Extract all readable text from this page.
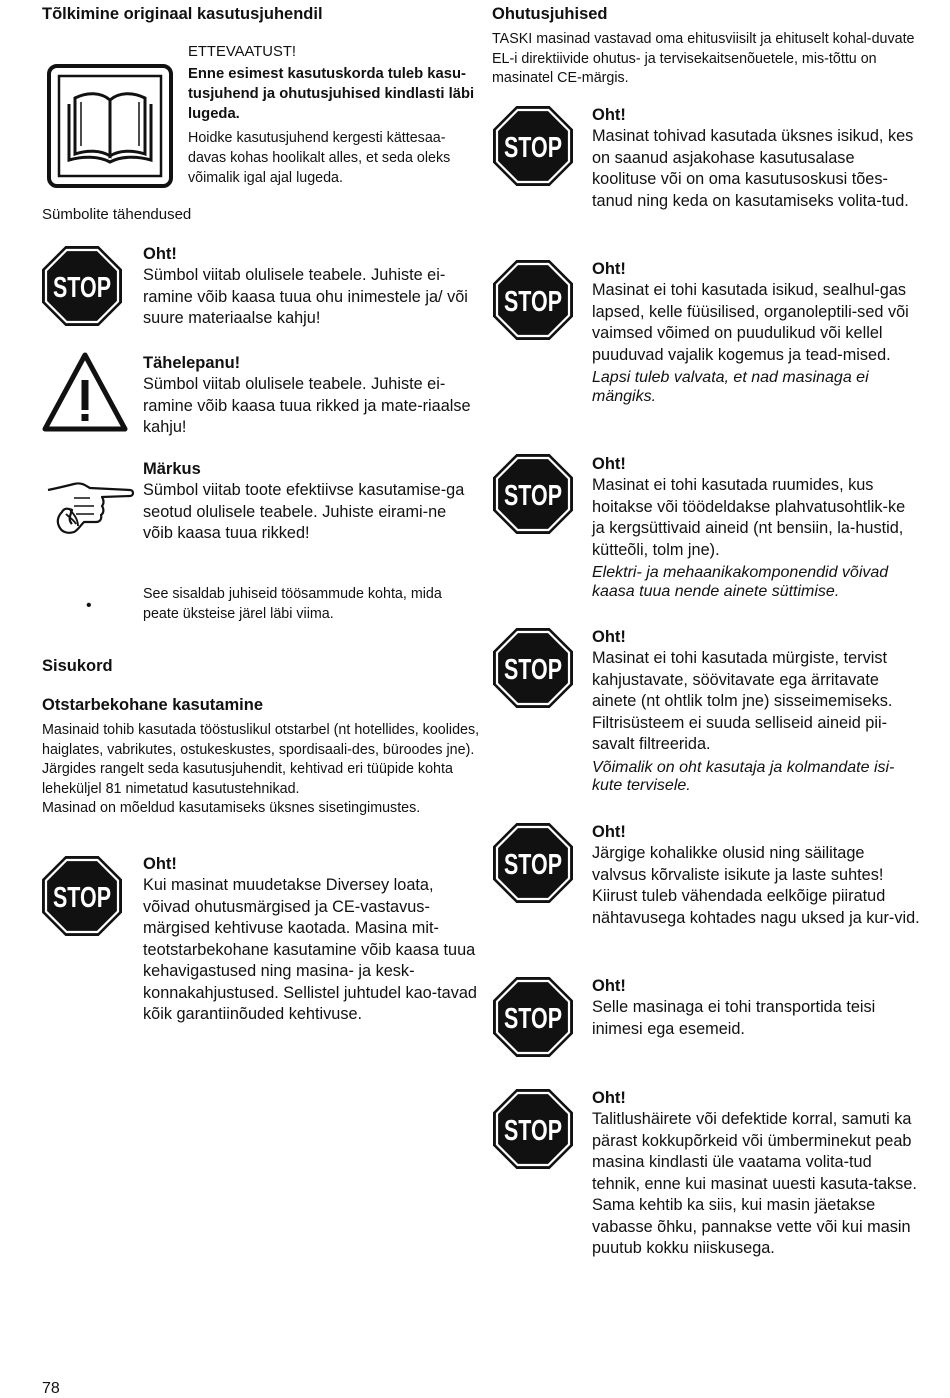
Tõlkimine originaal kasutusjuhendil
ETTEVAATUST!
Enne esimest kasutuskorda tuleb kasu-tusjuhend ja ohutusjuhised kindlasti läbi lugeda.
Hoidke kasutusjuhend kergesti kättesaa-davas kohas hoolikalt alles, et seda oleks võimalik igal ajal lugeda.
Sümbolite tähendused
STOP
Oht!
Sümbol viitab olulisele teabele. Juhiste ei-ramine võib kaasa tuua ohu inimestele ja/ või suure materiaalse kahju!
Tähelepanu!
Sümbol viitab olulisele teabele. Juhiste ei-ramine võib kaasa tuua rikked ja mate-riaalse kahju!
Märkus
Sümbol viitab toote efektiivse kasutamise-ga seotud olulisele teabele. Juhiste eirami-ne võib kaasa tuua rikked!
•
See sisaldab juhiseid töösammude kohta, mida peate üksteise järel läbi viima.
Sisukord
Otstarbekohane kasutamine
Masinaid tohib kasutada tööstuslikul otstarbel (nt hotellides, koolides, haiglates, vabrikutes, ostukeskustes, spordisaali-des, büroodes jne).
Järgides rangelt seda kasutusjuhendit, kehtivad eri tüüpide kohta leheküljel 81 nimetatud kasutustehnikad.
Masinad on mõeldud kasutamiseks üksnes sisetingimustes.
STOP
Oht!
Kui masinat muudetakse Diversey loata, võivad ohutusmärgised ja CE-vastavus-märgised kehtivuse kaotada. Masina mit-teotstarbekohane kasutamine võib kaasa tuua kehavigastused ning masina- ja kesk-konnakahjustused. Sellistel juhtudel kao-tavad kõik garantiinõuded kehtivuse.
Ohutusjuhised
TASKI masinad vastavad oma ehitusviisilt ja ehituselt kohal-duvate EL-i direktiivide ohutus- ja tervisekaitsenõuetele, mis-tõttu on masinatel CE-märgis.
STOP
Oht!
Masinat tohivad kasutada üksnes isikud, kes on saanud asjakohase kasutusalase koolituse või on oma kasutusoskusi tões-tanud ning keda on kasutamiseks volita-tud.
STOP
Oht!
Masinat ei tohi kasutada isikud, sealhul-gas lapsed, kelle füüsilised, organoleptili-sed või vaimsed võimed on puudulikud või kellel puuduvad vajalik kogemus ja tead-mised.
Lapsi tuleb valvata, et nad masinaga ei mängiks.
STOP
Oht!
Masinat ei tohi kasutada ruumides, kus hoitakse või töödeldakse plahvatusohtlik-ke ja kergsüttivaid aineid (nt bensiin, la-hustid, kütteõli, tolm jne).
Elektri- ja mehaanikakomponendid võivad kaasa tuua nende ainete süttimise.
STOP
Oht!
Masinat ei tohi kasutada mürgiste, tervist kahjustavate, söövitavate ega ärritavate ainete (nt ohtlik tolm jne) sisseimemiseks. Filtrisüsteem ei suuda selliseid aineid pii-savalt filtreerida.
Võimalik on oht kasutaja ja kolmandate isi-kute tervisele.
STOP
Oht!
Järgige kohalikke olusid ning säilitage valvsus kõrvaliste isikute ja laste suhtes! Kiirust tuleb vähendada eelkõige piiratud nähtavusega kohtades nagu uksed ja kur-vid.
STOP
Oht!
Selle masinaga ei tohi transportida teisi inimesi ega esemeid.
STOP
Oht!
Talitlushäirete või defektide korral, samuti ka pärast kokkupõrkeid või ümberminekut peab masina kindlasti üle vaatama volita-tud tehnik, enne kui masinat uuesti kasuta-takse. Sama kehtib ka siis, kui masin jäetakse vabasse õhku, pannakse vette või kui masin puutub kokku niiskusega.
78
